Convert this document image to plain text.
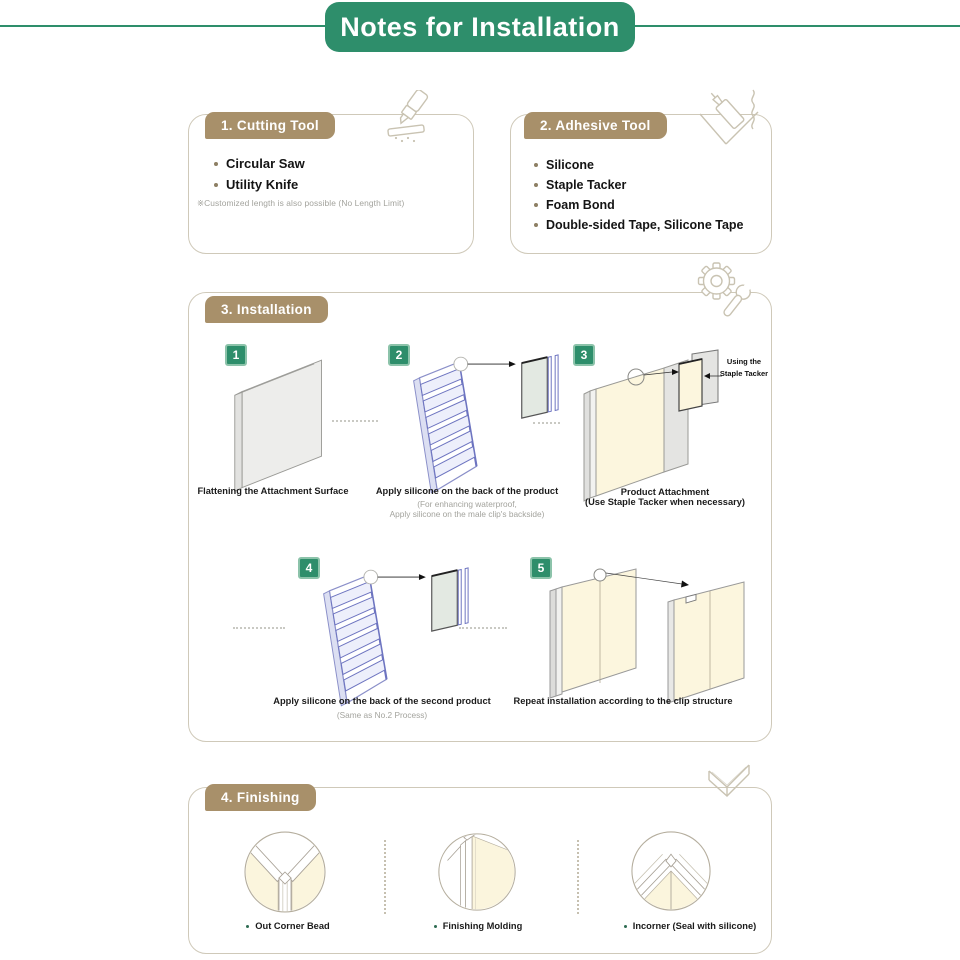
Notes for Installation
1. Cutting Tool
Circular Saw
Utility Knife
※Customized length is also possible (No Length Limit)
2. Adhesive Tool
Silicone
Staple Tacker
Foam Bond
Double-sided Tape, Silicone Tape
3. Installation
1
Flattening the Attachment Surface
2
Apply silicone on the back of the product
(For enhancing waterproof,
Apply silicone on the male clip's backside)
3	Using the
Staple Tacker
Product Attachment
(Use Staple Tacker when necessary)
4
Apply silicone on the back of the second product
(Same as No.2 Process)
5
Repeat installation according to the clip structure
4. Finishing
Out Corner Bead	Finishing Molding	Incorner (Seal with silicone)
